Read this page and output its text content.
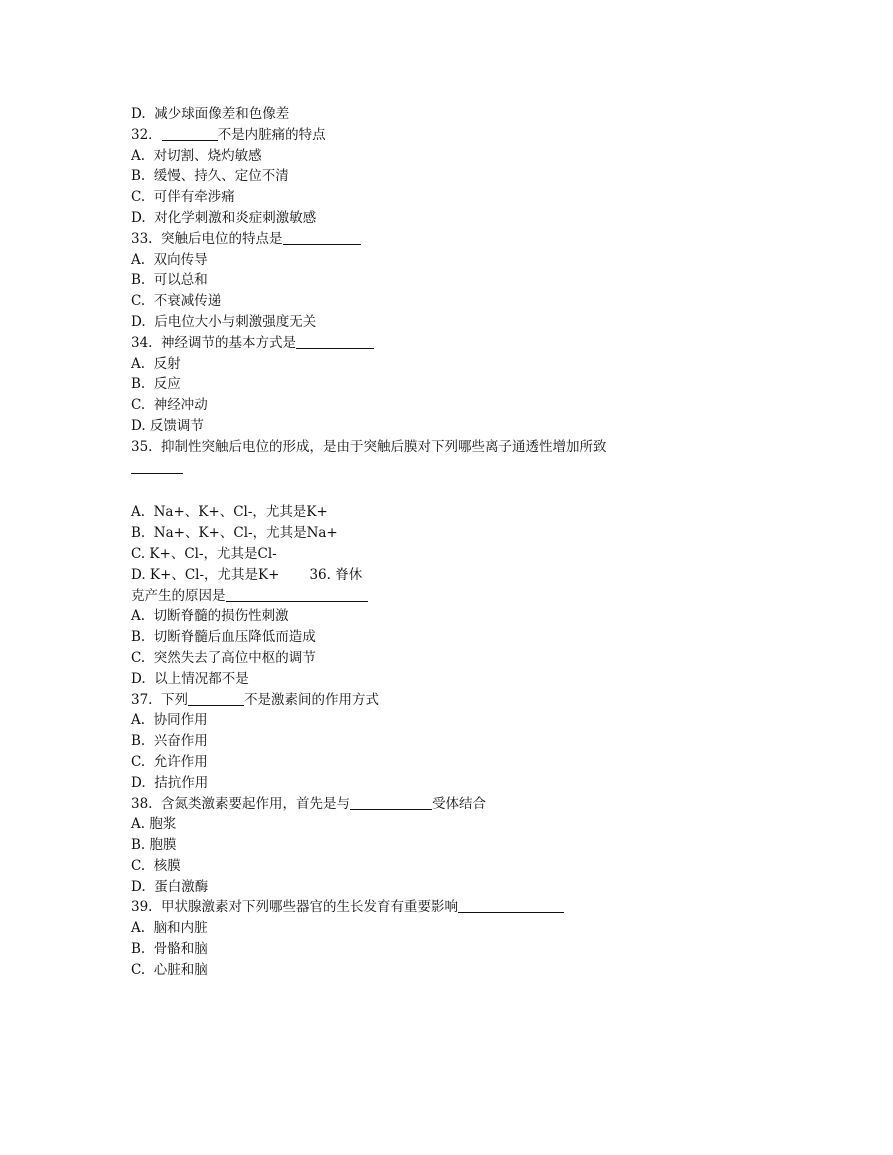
D.  减少球面像差和色像差
32．	不是内脏痛的特点
A.  对切割、烧灼敏感
B.  缓慢、持久、定位不清
C.  可伴有牵涉痛
D.  对化学刺激和炎症刺激敏感
33.  突触后电位的特点是
A.  双向传导
B.  可以总和
C.  不衰减传递
D.  后电位大小与刺激强度无关
34.  神经调节的基本方式是
A.  反射
B.  反应
C.  神经冲动
D. 反馈调节
35.  抑制性突触后电位的形成，是由于突触后膜对下列哪些离子通透性增加所致
A.  Na+、K+、Cl-，尤其是K+
B.  Na+、K+、Cl-，尤其是Na+
C. K+、Cl-，尤其是Cl-
D. K+、Cl-，尤其是K+       36. 脊休
克产生的原因是
A.  切断脊髓的损伤性刺激
B.  切断脊髓后血压降低而造成
C.  突然失去了高位中枢的调节
D.  以上情况都不是
37.  下列	不是激素间的作用方式
A.  协同作用
B.  兴奋作用
C.  允许作用
D.  拮抗作用
38.  含氮类激素要起作用，首先是与	受体结合
A. 胞浆
B. 胞膜
C.  核膜
D.  蛋白激酶
39.  甲状腺激素对下列哪些器官的生长发育有重要影响
A.  脑和内脏
B.  骨骼和脑
C.  心脏和脑
